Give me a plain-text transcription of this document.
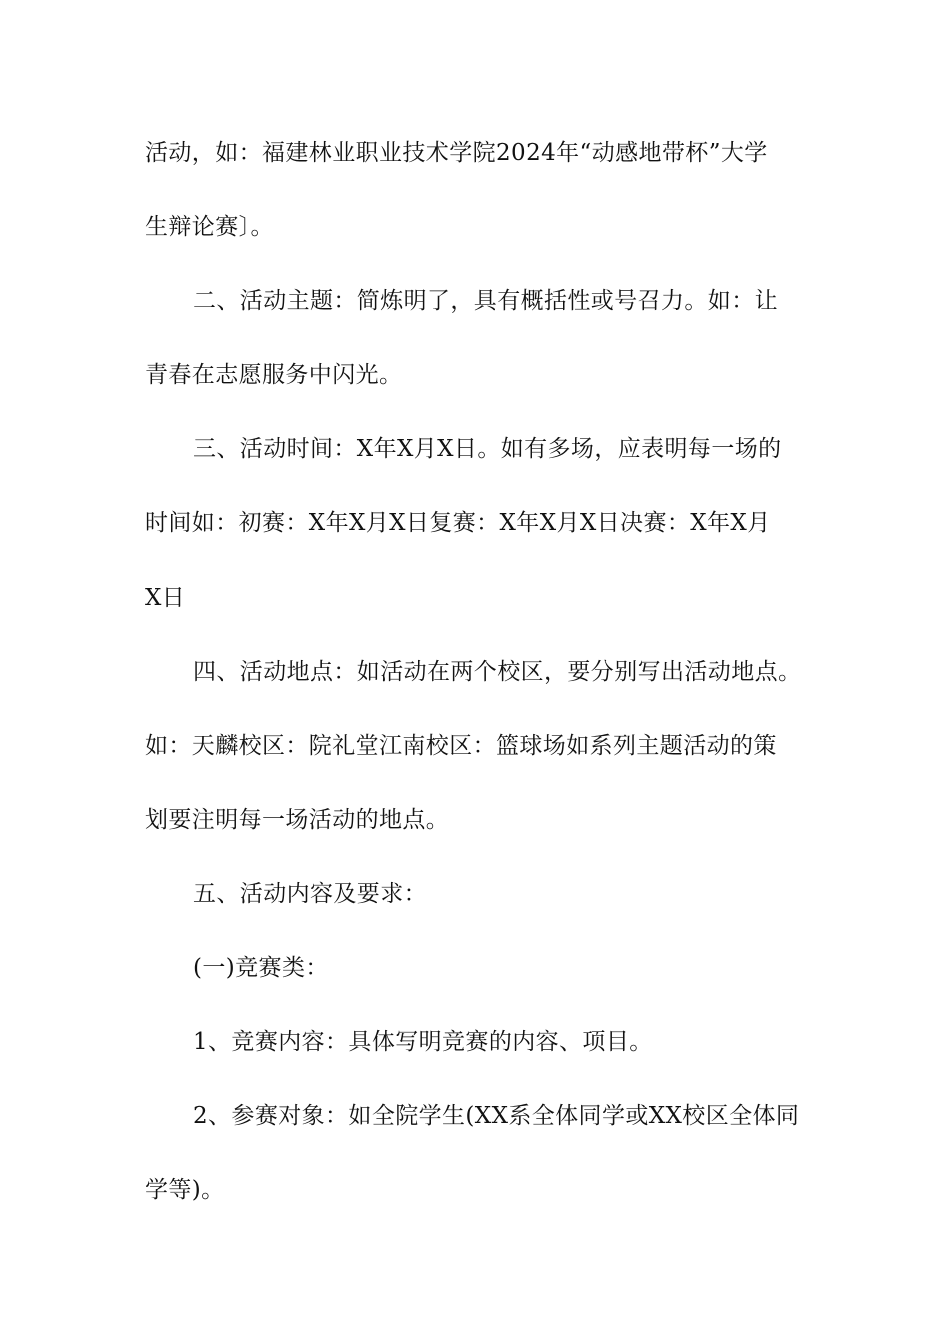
活动，如：福建林业职业技术学院2024年“动感地带杯”大学
生辩论赛〕。
二、活动主题：简炼明了，具有概括性或号召力。如：让
青春在志愿服务中闪光。
三、活动时间：X年X月X日。如有多场，应表明每一场的
时间如：初赛：X年X月X日复赛：X年X月X日决赛：X年X月
X日
四、活动地点：如活动在两个校区，要分别写出活动地点。
如：天麟校区：院礼堂江南校区：篮球场如系列主题活动的策
划要注明每一场活动的地点。
五、活动内容及要求：
(一)竞赛类：
1、竞赛内容：具体写明竞赛的内容、项目。
2、参赛对象：如全院学生(XX系全体同学或XX校区全体同
学等)。
